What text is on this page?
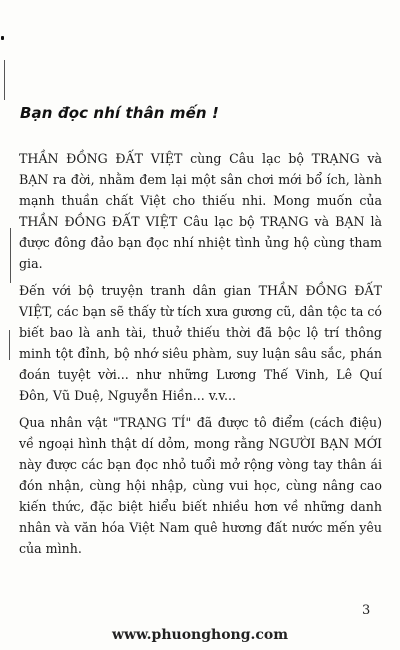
Bạn đọc nhí thân mến !

THẦN ĐỒNG ĐẤT VIỆT cùng Câu lạc bộ TRẠNG và BẠN ra đời, nhằm đem lại một sân chơi mới bổ ích, lành mạnh thuần chất Việt cho thiếu nhi. Mong muốn của THẦN ĐỒNG ĐẤT VIỆT Câu lạc bộ TRẠNG và BẠN là được đông đảo bạn đọc nhí nhiệt tình ủng hộ cùng tham gia.

Đến với bộ truyện tranh dân gian THẦN ĐỒNG ĐẤT VIỆT, các bạn sẽ thấy từ tích xưa gương cũ, dân tộc ta có biết bao là anh tài, thuở thiếu thời đã bộc lộ trí thông minh tột đỉnh, bộ nhớ siêu phàm, suy luận sâu sắc, phán đoán tuyệt vời... như những Lương Thế Vinh, Lê Quí Đôn, Vũ Duệ, Nguyễn Hiền... v.v...

Qua nhân vật "TRẠNG TÍ" đã được tô điểm (cách điệu) về ngoại hình thật dí dỏm, mong rằng NGƯỜI BẠN MỚI này được các bạn đọc nhỏ tuổi mở rộng vòng tay thân ái đón nhận, cùng hội nhập, cùng vui học, cùng nâng cao kiến thức, đặc biệt hiểu biết nhiều hơn về những danh nhân và văn hóa Việt Nam quê hương đất nước mến yêu của mình.

3
www.phuonghong.com
